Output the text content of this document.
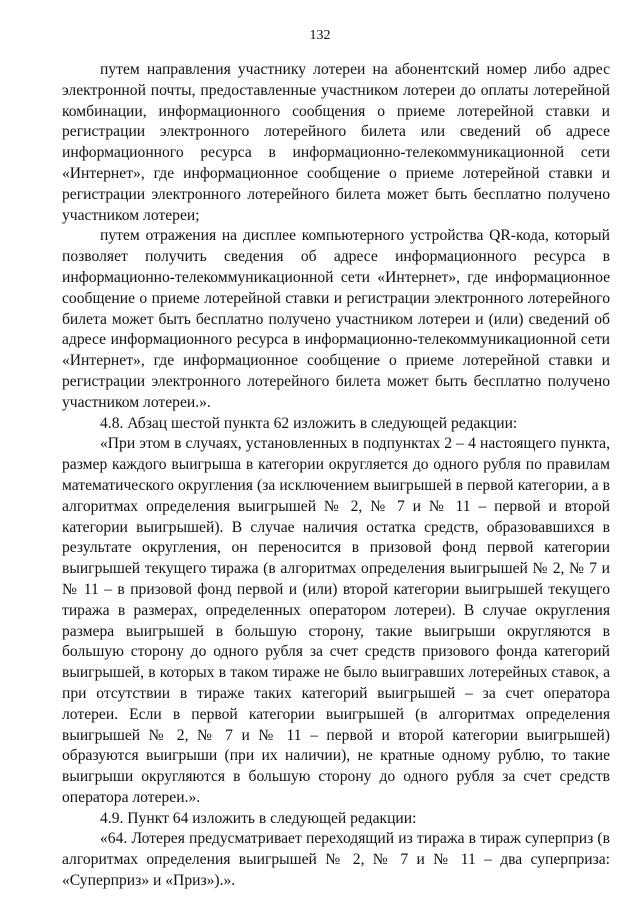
132

путем направления участнику лотереи на абонентский номер либо адрес электронной почты, предоставленные участником лотереи до оплаты лотерейной комбинации, информационного сообщения о приеме лотерейной ставки и регистрации электронного лотерейного билета или сведений об адресе информационного ресурса в информационно-телекоммуникационной сети «Интернет», где информационное сообщение о приеме лотерейной ставки и регистрации электронного лотерейного билета может быть бесплатно получено участником лотереи;

путем отражения на дисплее компьютерного устройства QR-кода, который позволяет получить сведения об адресе информационного ресурса в информационно-телекоммуникационной сети «Интернет», где информационное сообщение о приеме лотерейной ставки и регистрации электронного лотерейного билета может быть бесплатно получено участником лотереи и (или) сведений об адресе информационного ресурса в информационно-телекоммуникационной сети «Интернет», где информационное сообщение о приеме лотерейной ставки и регистрации электронного лотерейного билета может быть бесплатно получено участником лотереи.».

4.8. Абзац шестой пункта 62 изложить в следующей редакции:

«При этом в случаях, установленных в подпунктах 2 – 4 настоящего пункта, размер каждого выигрыша в категории округляется до одного рубля по правилам математического округления (за исключением выигрышей в первой категории, а в алгоритмах определения выигрышей № 2, № 7 и № 11 – первой и второй категории выигрышей). В случае наличия остатка средств, образовавшихся в результате округления, он переносится в призовой фонд первой категории выигрышей текущего тиража (в алгоритмах определения выигрышей № 2, № 7 и № 11 – в призовой фонд первой и (или) второй категории выигрышей текущего тиража в размерах, определенных оператором лотереи). В случае округления размера выигрышей в большую сторону, такие выигрыши округляются в большую сторону до одного рубля за счет средств призового фонда категорий выигрышей, в которых в таком тираже не было выигравших лотерейных ставок, а при отсутствии в тираже таких категорий выигрышей – за счет оператора лотереи. Если в первой категории выигрышей (в алгоритмах определения выигрышей № 2, № 7 и № 11 – первой и второй категории выигрышей) образуются выигрыши (при их наличии), не кратные одному рублю, то такие выигрыши округляются в большую сторону до одного рубля за счет средств оператора лотереи.».

4.9. Пункт 64 изложить в следующей редакции:

«64. Лотерея предусматривает переходящий из тиража в тираж суперприз (в алгоритмах определения выигрышей № 2, № 7 и № 11 – два суперприза: «Суперприз» и «Приз»).».
